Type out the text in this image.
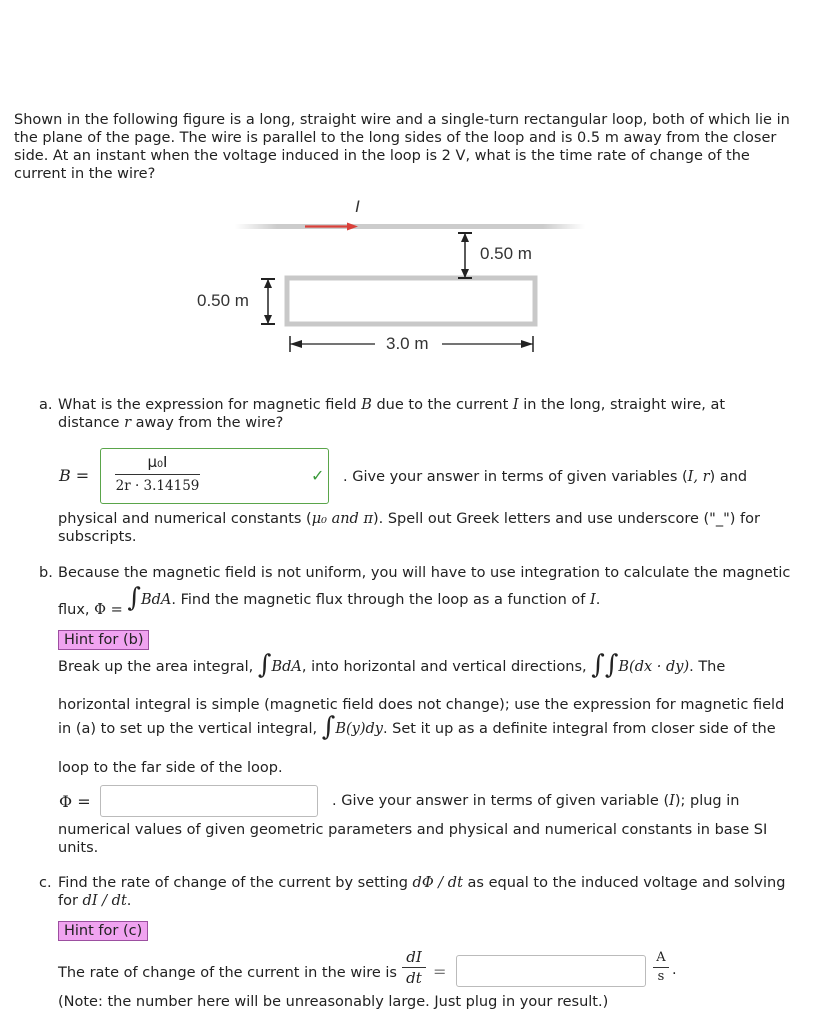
Shown in the following figure is a long, straight wire and a single-turn rectangular loop, both of which lie in
the plane of the page. The wire is parallel to the long sides of the loop and is 0.5 m away from the closer
side. At an instant when the voltage induced in the loop is 2 V, what is the time rate of change of the
current in the wire?
I
0.50 m
0.50 m
3.0 m
a. What is the expression for magnetic field B due to the current I in the long, straight wire, at
distance r away from the wire?
B =
μ₀I
2r · 3.14159
✓ . Give your answer in terms of given variables (I, r) and
physical and numerical constants (μ₀ and π). Spell out Greek letters and use underscore ("_") for
subscripts.
b. Because the magnetic field is not uniform, you will have to use integration to calculate the magnetic
flux, Φ = ∫BdA. Find the magnetic flux through the loop as a function of I.
Hint for (b)
Break up the area integral, ∫BdA, into horizontal and vertical directions, ∫∫B(dx · dy). The
horizontal integral is simple (magnetic field does not change); use the expression for magnetic field
in (a) to set up the vertical integral, ∫B(y)dy. Set it up as a definite integral from closer side of the
loop to the far side of the loop.
Φ =	. Give your answer in terms of given variable (I); plug in
numerical values of given geometric parameters and physical and numerical constants in base SI
units.
c. Find the rate of change of the current by setting dΦ / dt as equal to the induced voltage and solving
for dI / dt.
Hint for (c)
The rate of change of the current in the wire is
dI
dt =
A
s .
(Note: the number here will be unreasonably large. Just plug in your result.)
